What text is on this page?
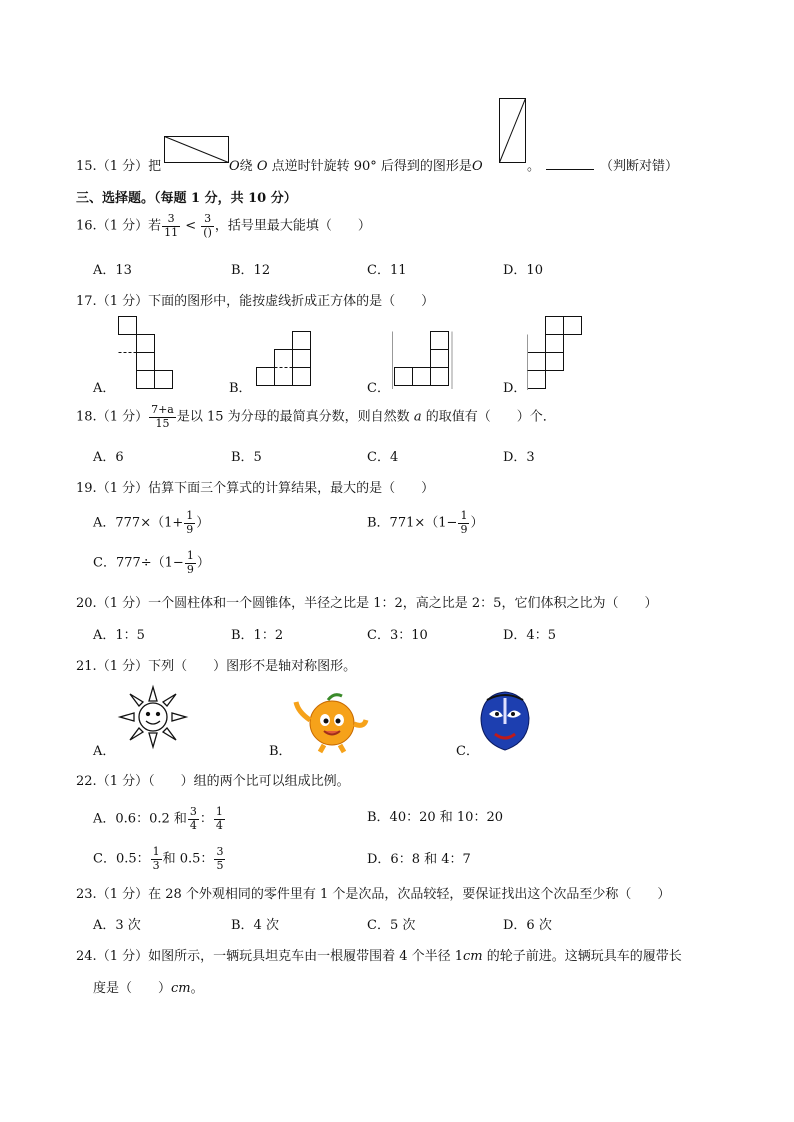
15.（1 分）把	O绕 O 点逆时针旋转 90° 后得到的图形是O	。	（判断对错）
三、选择题。（每题 1 分，共 10 分）
16.（1 分）若 $\frac{3}{11} < \frac{3}{()}$ ，括号里最大能填（　　）
A．13	B．12	C．11	D．10
17.（1 分）下面的图形中，能按虚线折成正方体的是（　　）
A．	B．	C．	D．
18.（1 分） $\frac{7+a}{15}$ 是以 15 为分母的最简真分数，则自然数 a 的取值有（　　）个．
A．6	B．5	C．4	D．3
19.（1 分）估算下面三个算式的计算结果，最大的是（　　）
A．$777\times(1+ \frac{1}{9}$ ）	B．$771\times(1- \frac{1}{9}$ ）
C．$777\div(1- \frac{1}{9}$ ）
20.（1 分）一个圆柱体和一个圆锥体，半径之比是 1：2，高之比是 2：5，它们体积之比为（　　）
A．1：5	B．1：2	C．3：10	D．4：5
21.（1 分）下列（　　）图形不是轴对称图形。
A．	B．	C．
22.（1 分）（　　）组的两个比可以组成比例。
A．0.6：0.2 和 $\frac{3}{4}$ ： $\frac{1}{4}$	B．40：20 和 10：20
C．0.5： $\frac{1}{3}$ 和 0.5： $\frac{3}{5}$	D．6：8 和 4：7
23.（1 分）在 28 个外观相同的零件里有 1 个是次品，次品较轻，要保证找出这个次品至少称（　　）
A．3 次	B．4 次	C．5 次	D．6 次
24.（1 分）如图所示，一辆玩具坦克车由一根履带围着 4 个半径 1cm 的轮子前进。这辆玩具车的履带长
度是（　　）cm。
